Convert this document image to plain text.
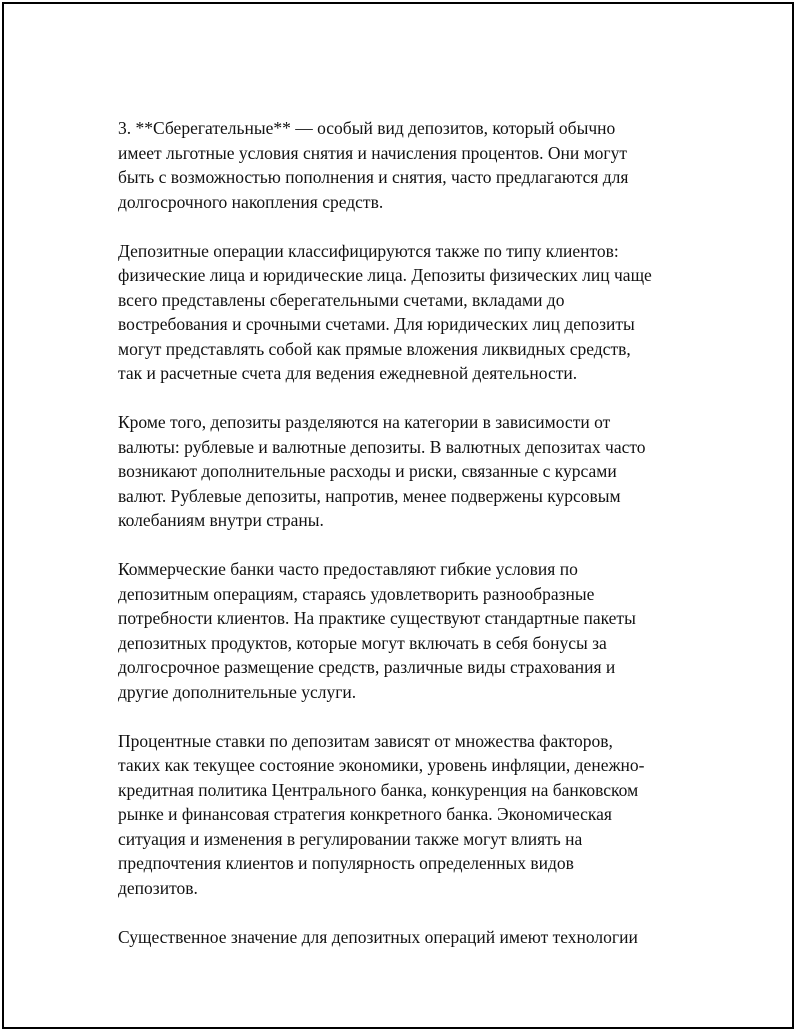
3. **Сберегательные** — особый вид депозитов, который обычно
имеет льготные условия снятия и начисления процентов. Они могут
быть с возможностью пополнения и снятия, часто предлагаются для
долгосрочного накопления средств.

Депозитные операции классифицируются также по типу клиентов:
физические лица и юридические лица. Депозиты физических лиц чаще
всего представлены сберегательными счетами, вкладами до
востребования и срочными счетами. Для юридических лиц депозиты
могут представлять собой как прямые вложения ликвидных средств,
так и расчетные счета для ведения ежедневной деятельности.

Кроме того, депозиты разделяются на категории в зависимости от
валюты: рублевые и валютные депозиты. В валютных депозитах часто
возникают дополнительные расходы и риски, связанные с курсами
валют. Рублевые депозиты, напротив, менее подвержены курсовым
колебаниям внутри страны.

Коммерческие банки часто предоставляют гибкие условия по
депозитным операциям, стараясь удовлетворить разнообразные
потребности клиентов. На практике существуют стандартные пакеты
депозитных продуктов, которые могут включать в себя бонусы за
долгосрочное размещение средств, различные виды страхования и
другие дополнительные услуги.

Процентные ставки по депозитам зависят от множества факторов,
таких как текущее состояние экономики, уровень инфляции, денежно-
кредитная политика Центрального банка, конкуренция на банковском
рынке и финансовая стратегия конкретного банка. Экономическая
ситуация и изменения в регулировании также могут влиять на
предпочтения клиентов и популярность определенных видов
депозитов.

Существенное значение для депозитных операций имеют технологии
